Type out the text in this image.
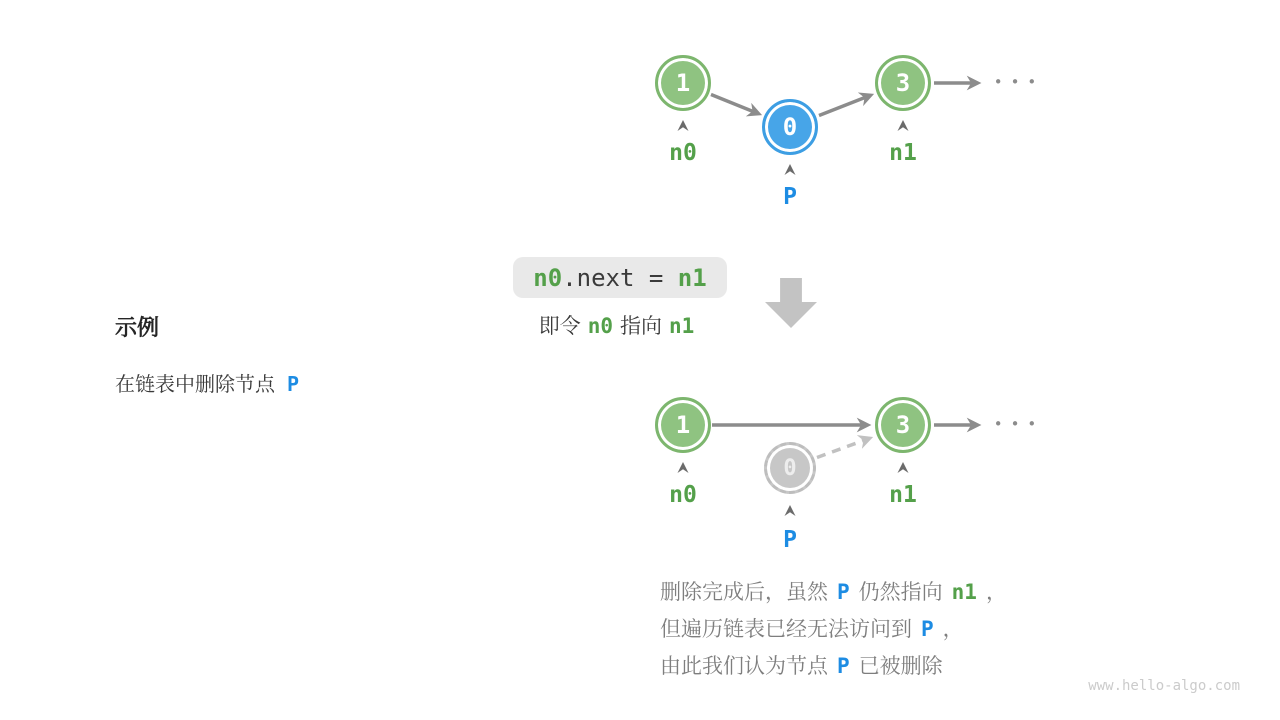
1
0
3	•••
n0
P
n1
n0 .next = n1
即令 n0 指向 n1
示例
在链表中删除节点 P
1
0
3	•••
n0
P
n1
删除完成后，虽然 P 仍然指向 n1 ，
但遍历链表已经无法访问到 P ，
由此我们认为节点 P 已被删除
www.hello-algo.com
